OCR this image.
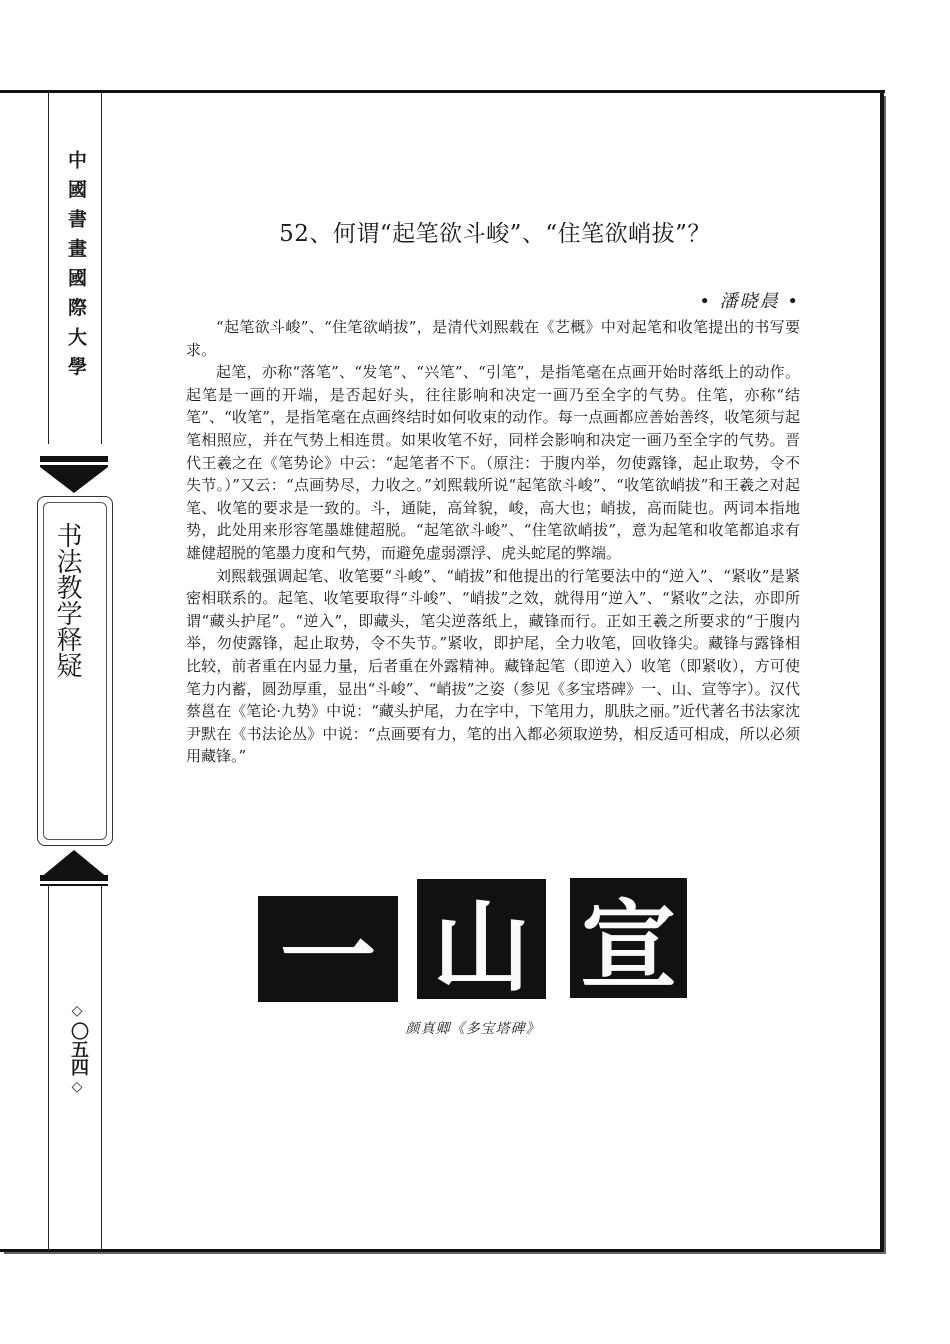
中國書畫國際大學
书法教学释疑
◇
〇五四
◇
52、何谓“起笔欲斗峻”、“住笔欲峭拔”？
• 潘晓晨 •

“起笔欲斗峻”、“住笔欲峭拔”，是清代刘熙载在《艺概》中对起笔和收笔提出的书写要求。

起笔，亦称“落笔”、“发笔”、“兴笔”、“引笔”，是指笔毫在点画开始时落纸上的动作。起笔是一画的开端，是否起好头，往往影响和决定一画乃至全字的气势。住笔，亦称“结笔”、“收笔”，是指笔毫在点画终结时如何收束的动作。每一点画都应善始善终，收笔须与起笔相照应，并在气势上相连贯。如果收笔不好，同样会影响和决定一画乃至全字的气势。晋代王羲之在《笔势论》中云：“起笔者不下。（原注：于腹内举，勿使露锋，起止取势，令不失节。）”又云：“点画势尽，力收之。”刘熙载所说“起笔欲斗峻”、“收笔欲峭拔”和王羲之对起笔、收笔的要求是一致的。斗，通陡，高耸貌，峻，高大也；峭拔，高而陡也。两词本指地势，此处用来形容笔墨雄健超脱。“起笔欲斗峻”、“住笔欲峭拔”，意为起笔和收笔都追求有雄健超脱的笔墨力度和气势，而避免虚弱漂浮、虎头蛇尾的弊端。

刘熙载强调起笔、收笔要“斗峻”、“峭拔”和他提出的行笔要法中的“逆入”、“紧收”是紧密相联系的。起笔、收笔要取得“斗峻”、“峭拔”之效，就得用“逆入”、“紧收”之法，亦即所谓“藏头护尾”。“逆入”，即藏头，笔尖逆落纸上，藏锋而行。正如王羲之所要求的“于腹内举，勿使露锋，起止取势，令不失节。”紧收，即护尾，全力收笔，回收锋尖。藏锋与露锋相比较，前者重在内显力量，后者重在外露精神。藏锋起笔（即逆入）收笔（即紧收），方可使笔力内蓄，圆劲厚重，显出“斗峻”、“峭拔”之姿（参见《多宝塔碑》一、山、宣等字）。汉代蔡邕在《笔论·九势》中说：“藏头护尾，力在字中，下笔用力，肌肤之丽。”近代著名书法家沈尹默在《书法论丛》中说：“点画要有力，笔的出入都必须取逆势，相反适可相成，所以必须用藏锋。”

一 山 宣
颜真卿《多宝塔碑》
